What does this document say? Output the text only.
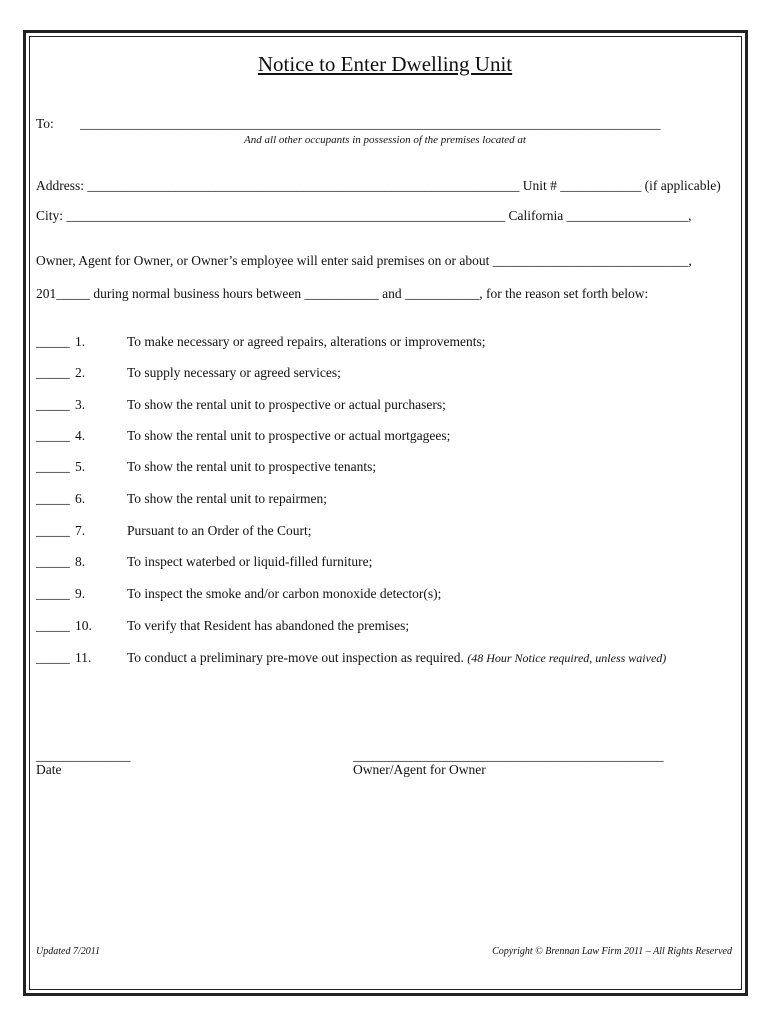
Notice to Enter Dwelling Unit
To: ______________________________________________________________________________________
And all other occupants in possession of the premises located at
Address: ________________________________________________________________ Unit # ____________ (if applicable)
City: _________________________________________________________________ California __________________,
Owner, Agent for Owner, or Owner’s employee will enter said premises on or about _____________________________,
201_____ during normal business hours between ___________ and ___________, for the reason set forth below:
_____ 1.	To make necessary or agreed repairs, alterations or improvements;
_____ 2.	To supply necessary or agreed services;
_____ 3.	To show the rental unit to prospective or actual purchasers;
_____ 4.	To show the rental unit to prospective or actual mortgagees;
_____ 5.	To show the rental unit to prospective tenants;
_____ 6.	To show the rental unit to repairmen;
_____ 7.	Pursuant to an Order of the Court;
_____ 8.	To inspect waterbed or liquid-filled furniture;
_____ 9.	To inspect the smoke and/or carbon monoxide detector(s);
_____ 10.	To verify that Resident has abandoned the premises;
_____ 11.	To conduct a preliminary pre-move out inspection as required. (48 Hour Notice required, unless waived)
______________
Date
______________________________________________
Owner/Agent for Owner
Updated 7/2011	Copyright © Brennan Law Firm 2011 – All Rights Reserved
